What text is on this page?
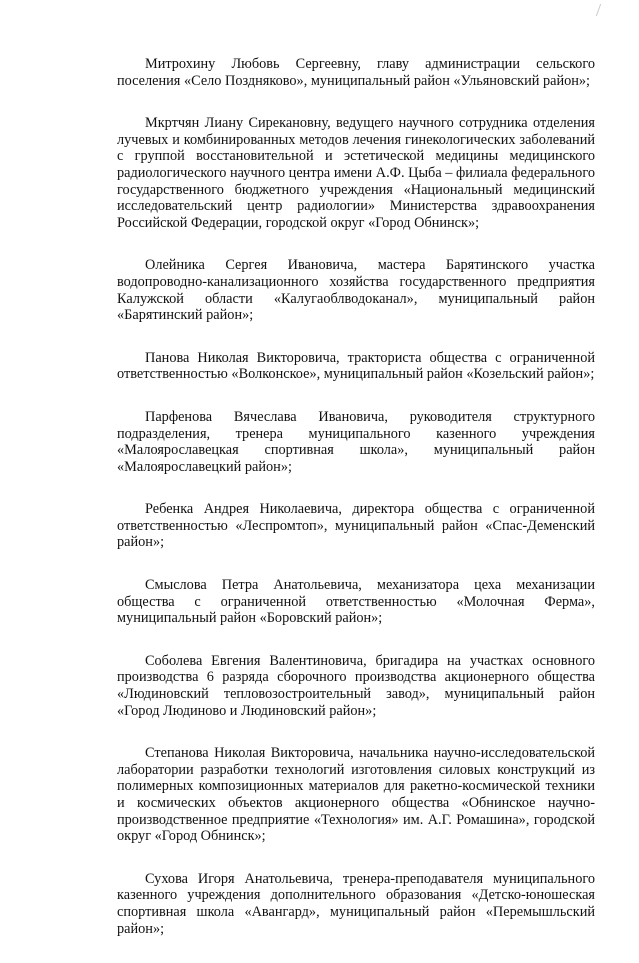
Митрохину Любовь Сергеевну, главу администрации сельского поселения «Село Поздняково», муниципальный район «Ульяновский район»;

Мкртчян Лиану Сирекановну, ведущего научного сотрудника отделения лучевых и комбинированных методов лечения гинекологических заболеваний с группой восстановительной и эстетической медицины медицинского радиологического научного центра имени А.Ф. Цыба – филиала федерального государственного бюджетного учреждения «Национальный медицинский исследовательский центр радиологии» Министерства здравоохранения Российской Федерации, городской округ «Город Обнинск»;

Олейника Сергея Ивановича, мастера Барятинского участка водопроводно-канализационного хозяйства государственного предприятия Калужской области «Калугаоблводоканал», муниципальный район «Барятинский район»;

Панова Николая Викторовича, тракториста общества с ограниченной ответственностью «Волконское», муниципальный район «Козельский район»;

Парфенова Вячеслава Ивановича, руководителя структурного подразделения, тренера муниципального казенного учреждения «Малоярославецкая спортивная школа», муниципальный район «Малоярославецкий район»;

Ребенка Андрея Николаевича, директора общества с ограниченной ответственностью «Леспромтоп», муниципальный район «Спас-Деменский район»;

Смыслова Петра Анатольевича, механизатора цеха механизации общества с ограниченной ответственностью «Молочная Ферма», муниципальный район «Боровский район»;

Соболева Евгения Валентиновича, бригадира на участках основного производства 6 разряда сборочного производства акционерного общества «Людиновский тепловозостроительный завод», муниципальный район «Город Людиново и Людиновский район»;

Степанова Николая Викторовича, начальника научно-исследовательской лаборатории разработки технологий изготовления силовых конструкций из полимерных композиционных материалов для ракетно-космической техники и космических объектов акционерного общества «Обнинское научно-производственное предприятие «Технология» им. А.Г. Ромашина», городской округ «Город Обнинск»;

Сухова Игоря Анатольевича, тренера-преподавателя муниципального казенного учреждения дополнительного образования «Детско-юношеская спортивная школа «Авангард», муниципальный район «Перемышльский район»;
